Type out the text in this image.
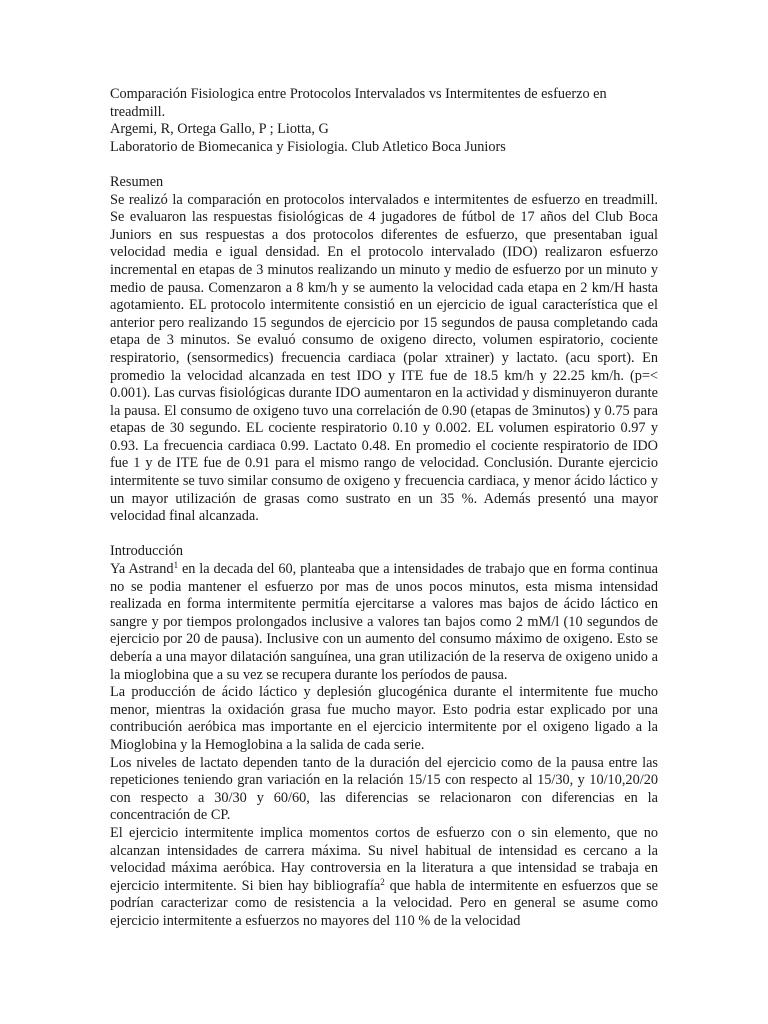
Comparación Fisiologica entre Protocolos Intervalados vs Intermitentes de esfuerzo en treadmill.

Argemi, R, Ortega Gallo, P ; Liotta, G

Laboratorio de Biomecanica y Fisiologia. Club Atletico Boca Juniors

Resumen

Se realizó la comparación en protocolos intervalados e intermitentes de esfuerzo en treadmill. Se evaluaron las respuestas fisiológicas de 4 jugadores de fútbol de 17 años del Club Boca Juniors en sus respuestas a dos protocolos diferentes de esfuerzo, que presentaban igual velocidad media e igual densidad. En el protocolo intervalado (IDO) realizaron esfuerzo incremental en etapas de 3 minutos realizando un minuto y medio de esfuerzo por un minuto y medio de pausa. Comenzaron a 8 km/h y se aumento la velocidad cada etapa en 2 km/H hasta agotamiento. EL protocolo intermitente consistió en un ejercicio de igual característica que el anterior pero realizando 15 segundos de ejercicio por 15 segundos de pausa completando cada etapa de 3 minutos. Se evaluó consumo de oxigeno directo, volumen espiratorio, cociente respiratorio, (sensormedics) frecuencia cardiaca (polar xtrainer) y lactato. (acu sport). En promedio la velocidad alcanzada en test IDO y ITE fue de 18.5 km/h y 22.25 km/h. (p=< 0.001). Las curvas fisiológicas durante IDO aumentaron en la actividad y disminuyeron durante la pausa. El consumo de oxigeno tuvo una correlación de 0.90 (etapas de 3minutos) y 0.75 para etapas de 30 segundo. EL cociente respiratorio 0.10 y 0.002. EL volumen espiratorio 0.97 y 0.93. La frecuencia cardiaca 0.99. Lactato 0.48. En promedio el cociente respiratorio de IDO fue 1 y de ITE fue de 0.91 para el mismo rango de velocidad. Conclusión. Durante ejercicio intermitente se tuvo similar consumo de oxigeno y frecuencia cardiaca, y menor ácido láctico y un mayor utilización de grasas como sustrato en un 35 %. Además presentó una mayor velocidad final alcanzada.

Introducción

Ya Astrand$^1$ en la decada del 60, planteaba que a intensidades de trabajo que en forma continua no se podia mantener el esfuerzo por mas de unos pocos minutos, esta misma intensidad realizada en forma intermitente permitía ejercitarse a valores mas bajos de ácido láctico en sangre y por tiempos prolongados inclusive a valores tan bajos como 2 mM/l (10 segundos de ejercicio por 20 de pausa). Inclusive con un aumento del consumo máximo de oxigeno. Esto se debería a una mayor dilatación sanguínea, una gran utilización de la reserva de oxigeno unido a la mioglobina que a su vez se recupera durante los períodos de pausa.

La producción de ácido láctico y deplesión glucogénica durante el intermitente fue mucho menor, mientras la oxidación grasa fue mucho mayor. Esto podria estar explicado por una contribución aeróbica mas importante en el ejercicio intermitente por el oxigeno ligado a la Mioglobina y la Hemoglobina a la salida de cada serie.

Los niveles de lactato dependen tanto de la duración del ejercicio como de la pausa entre las repeticiones teniendo gran variación en la relación 15/15 con respecto al 15/30, y 10/10,20/20 con respecto a 30/30 y 60/60, las diferencias se relacionaron con diferencias en la concentración de CP.

El ejercicio intermitente implica momentos cortos de esfuerzo con o sin elemento, que no alcanzan intensidades de carrera máxima. Su nivel habitual de intensidad es cercano a la velocidad máxima aeróbica. Hay controversia en la literatura a que intensidad se trabaja en ejercicio intermitente. Si bien hay bibliografía$^2$ que habla de intermitente en esfuerzos que se podrían caracterizar como de resistencia a la velocidad. Pero en general se asume como ejercicio intermitente a esfuerzos no mayores del 110 % de la velocidad
